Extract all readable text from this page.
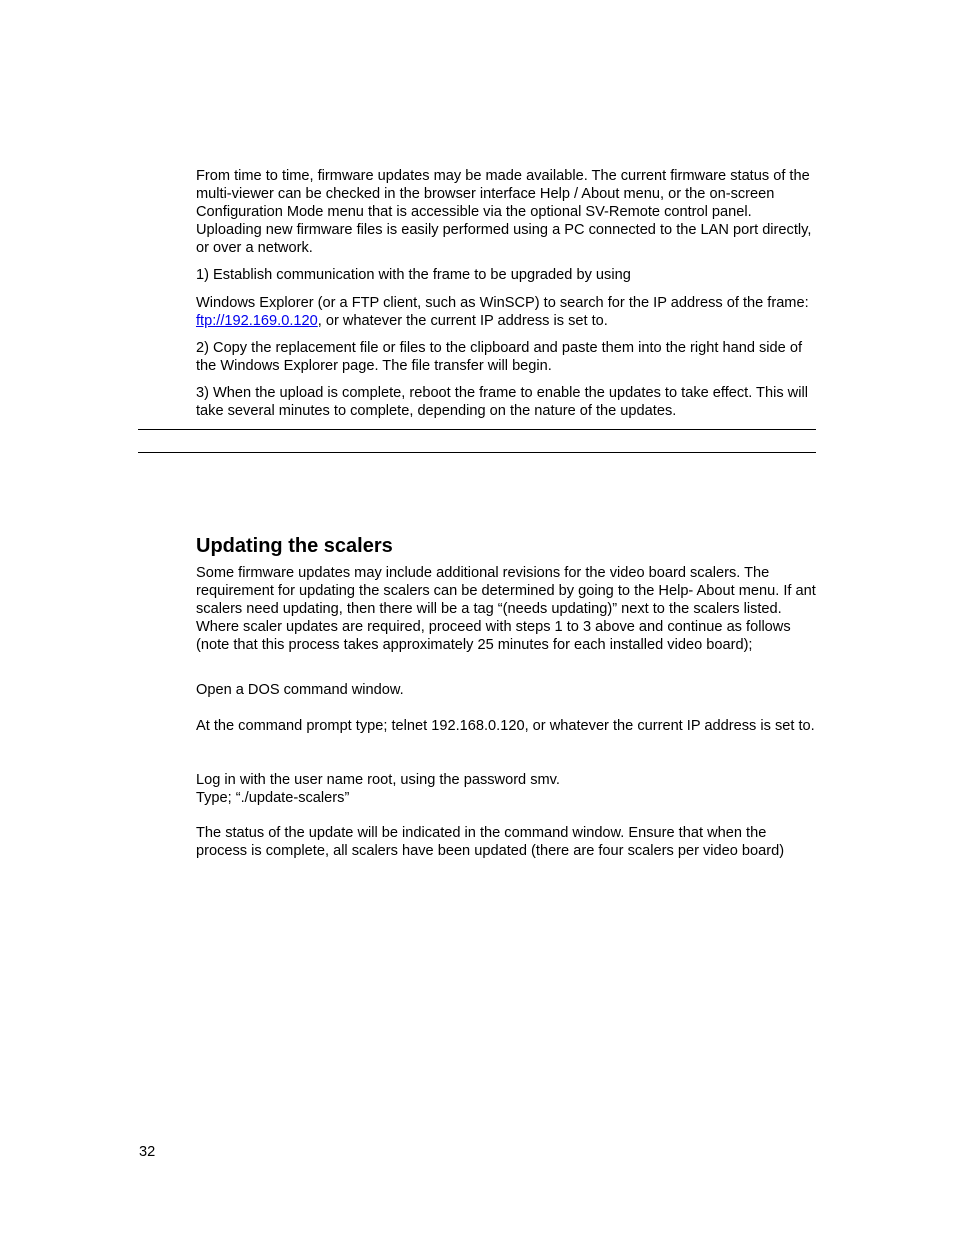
From time to time, firmware updates may be made available. The current firmware status of the multi-viewer can be checked in the browser interface Help / About menu, or the on-screen Configuration Mode menu that is accessible via the optional SV-Remote control panel. Uploading new firmware files is easily performed using a PC connected to the LAN port directly, or over a network.

1) Establish communication with the frame to be upgraded by using

Windows Explorer (or a FTP client, such as WinSCP) to search for the IP address of the frame: ftp://192.169.0.120, or whatever the current IP address is set to.

2) Copy the replacement file or files to the clipboard and paste them into the right hand side of the Windows Explorer page. The file transfer will begin.

3) When the upload is complete, reboot the frame to enable the updates to take effect. This will take several minutes to complete, depending on the nature of the updates.

Updating the scalers

Some firmware updates may include additional revisions for the video board scalers. The requirement for updating the scalers can be determined by going to the Help- About menu. If ant scalers need updating, then there will be a tag “(needs updating)” next to the scalers listed. Where scaler updates are required, proceed with steps 1 to 3 above and continue as follows (note that this process takes approximately 25 minutes for each installed video board);

Open a DOS command window.

At the command prompt type; telnet 192.168.0.120, or whatever the current IP address is set to.

Log in with the user name root, using the password smv.

Type; “./update-scalers”

The status of the update will be indicated in the command window. Ensure that when the process is complete, all scalers have been updated (there are four scalers per video board)

32
